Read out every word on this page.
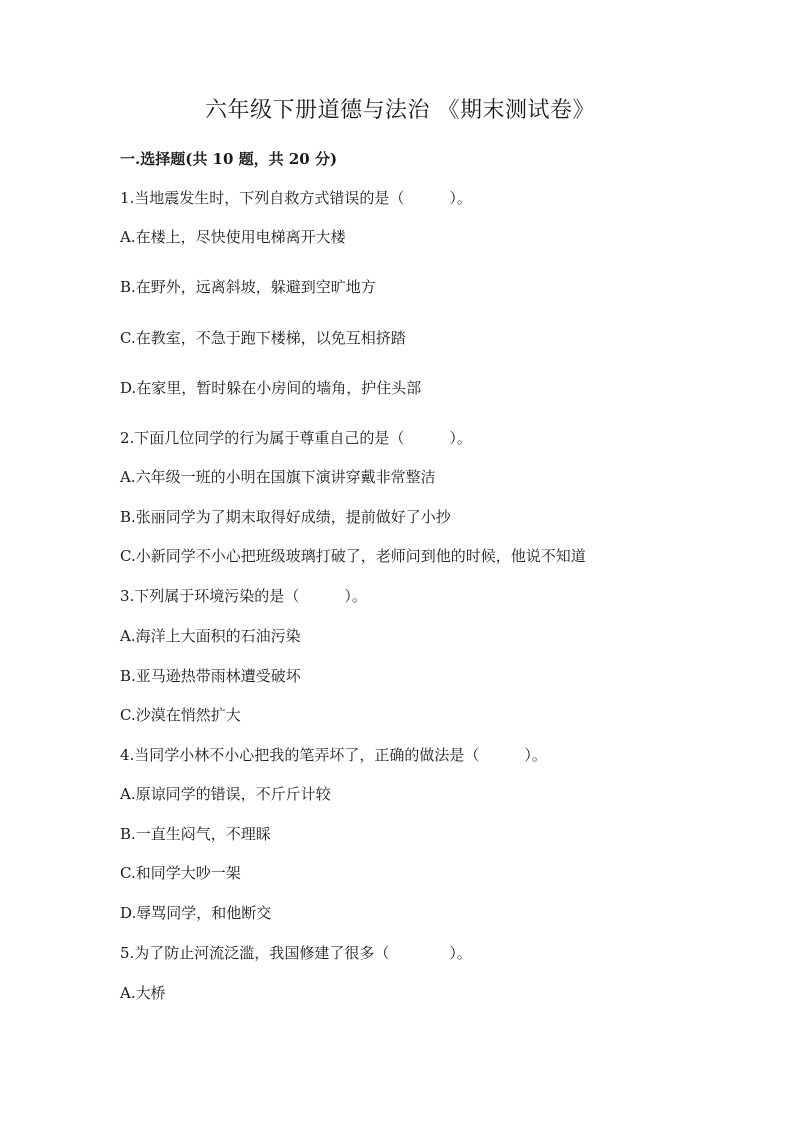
六年级下册道德与法治 《期末测试卷》
一.选择题(共 10 题，共 20 分)
1.当地震发生时，下列自救方式错误的是（　　　）。
A.在楼上，尽快使用电梯离开大楼
B.在野外，远离斜坡，躲避到空旷地方
C.在教室，不急于跑下楼梯，以免互相挤踏
D.在家里，暂时躲在小房间的墙角，护住头部
2.下面几位同学的行为属于尊重自己的是（　　　）。
A.六年级一班的小明在国旗下演讲穿戴非常整洁
B.张丽同学为了期末取得好成绩，提前做好了小抄
C.小新同学不小心把班级玻璃打破了，老师问到他的时候，他说不知道
3.下列属于环境污染的是（　　　）。
A.海洋上大面积的石油污染
B.亚马逊热带雨林遭受破坏
C.沙漠在悄然扩大
4.当同学小林不小心把我的笔弄坏了，正确的做法是（　　　）。
A.原谅同学的错误，不斤斤计较
B.一直生闷气，不理睬
C.和同学大吵一架
D.辱骂同学，和他断交
5.为了防止河流泛滥，我国修建了很多（　　　　）。
A.大桥
